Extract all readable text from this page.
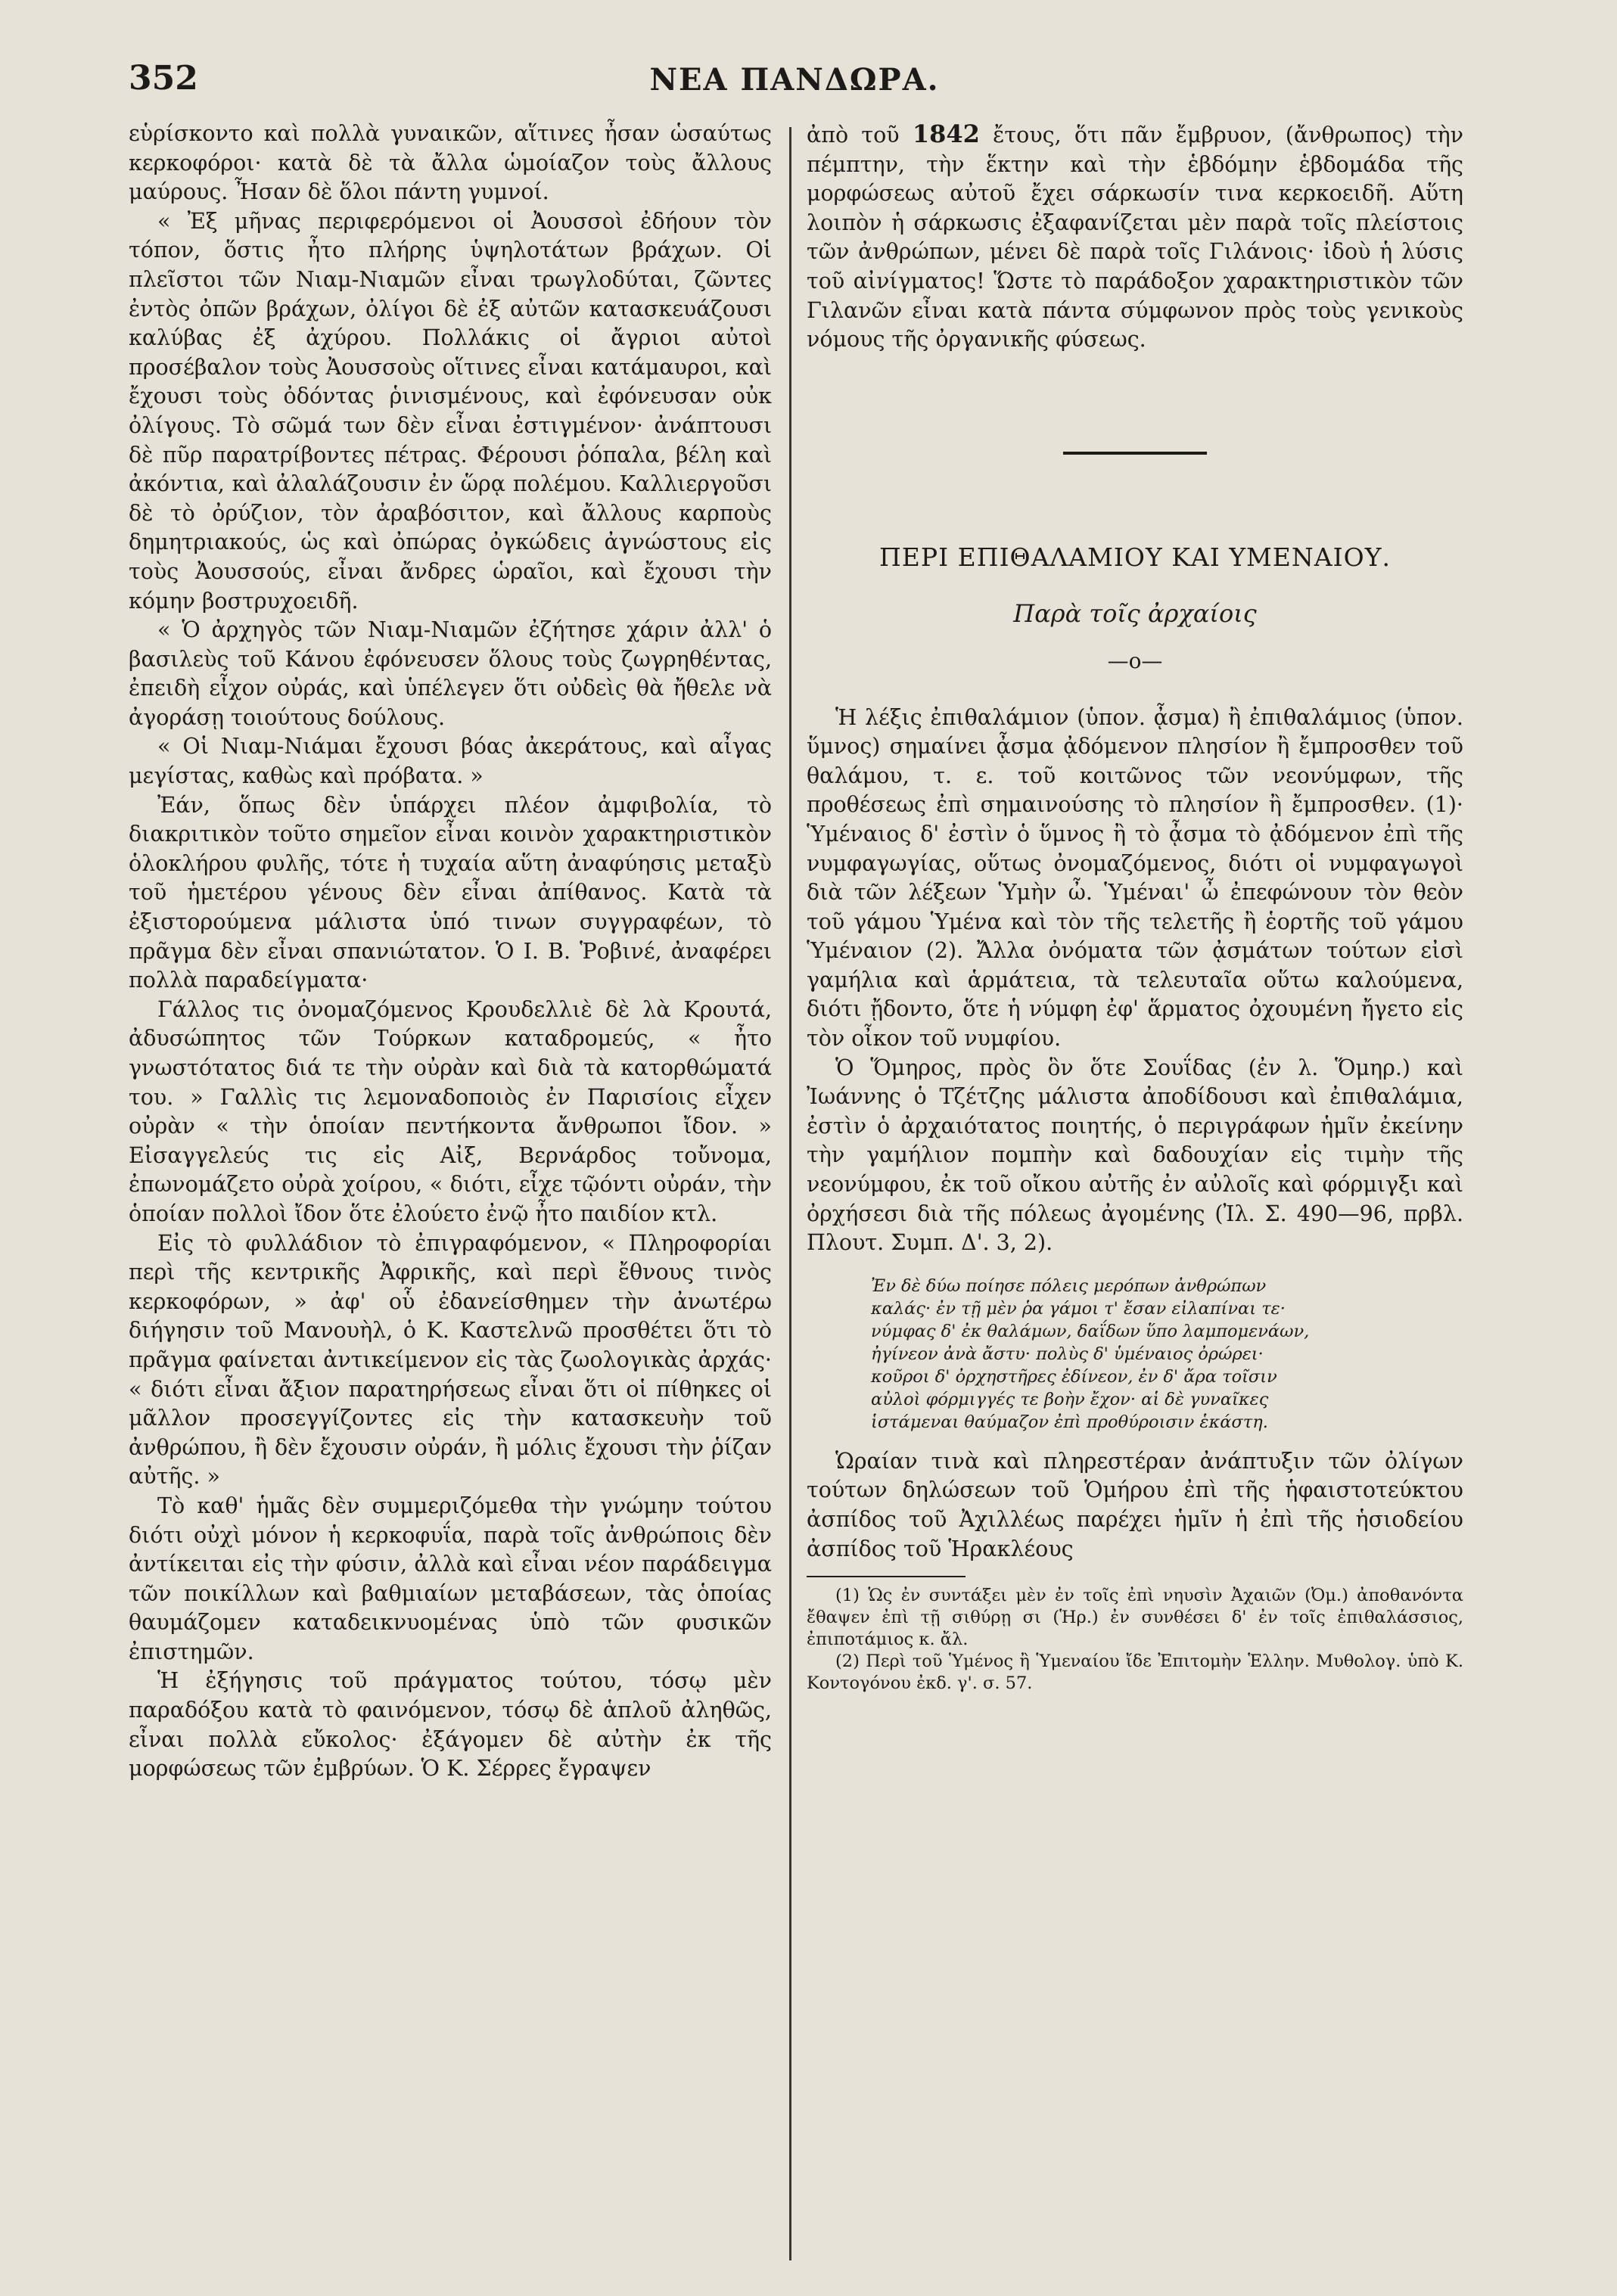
352	ΝΕΑ ΠΑΝΔΩΡΑ.

εὑρίσκοντο καὶ πολλὰ γυναικῶν, αἵτινες ἦσαν ὡσαύτως κερκοφόροι· κατὰ δὲ τὰ ἄλλα ὡμοίαζον τοὺς ἄλλους μαύρους. Ἦσαν δὲ ὅλοι πάντη γυμνοί.

« Ἐξ μῆνας περιφερόμενοι οἱ Ἀουσσοὶ ἐδήουν τὸν τόπον, ὅστις ἦτο πλήρης ὑψηλοτάτων βράχων. Οἱ πλεῖστοι τῶν Νιαμ-Νιαμῶν εἶναι τρωγλοδύται, ζῶντες ἐντὸς ὀπῶν βράχων, ὀλίγοι δὲ ἐξ αὐτῶν κατασκευάζουσι καλύβας ἐξ ἀχύρου. Πολλάκις οἱ ἄγριοι αὐτοὶ προσέβαλον τοὺς Ἀουσσοὺς οἵτινες εἶναι κατάμαυροι, καὶ ἔχουσι τοὺς ὀδόντας ῥινισμένους, καὶ ἐφόνευσαν οὐκ ὀλίγους. Τὸ σῶμά των δὲν εἶναι ἐστιγμένον· ἀνάπτουσι δὲ πῦρ παρατρίβοντες πέτρας. Φέρουσι ῥόπαλα, βέλη καὶ ἀκόντια, καὶ ἀλαλάζουσιν ἐν ὥρᾳ πολέμου. Καλλιεργοῦσι δὲ τὸ ὀρύζιον, τὸν ἀραβόσιτον, καὶ ἄλλους καρποὺς δημητριακούς, ὡς καὶ ὀπώρας ὀγκώδεις ἀγνώστους εἰς τοὺς Ἀουσσούς, εἶναι ἄνδρες ὡραῖοι, καὶ ἔχουσι τὴν κόμην βοστρυχοειδῆ.

« Ὁ ἀρχηγὸς τῶν Νιαμ-Νιαμῶν ἐζήτησε χάριν ἀλλ' ὁ βασιλεὺς τοῦ Κάνου ἐφόνευσεν ὅλους τοὺς ζωγρηθέντας, ἐπειδὴ εἶχον οὐράς, καὶ ὑπέλεγεν ὅτι οὐδεὶς θὰ ἤθελε νὰ ἀγοράσῃ τοιούτους δούλους.

« Οἱ Νιαμ-Νιάμαι ἔχουσι βόας ἀκεράτους, καὶ αἶγας μεγίστας, καθὼς καὶ πρόβατα. »

Ἐάν, ὅπως δὲν ὑπάρχει πλέον ἀμφιβολία, τὸ διακριτικὸν τοῦτο σημεῖον εἶναι κοινὸν χαρακτηριστικὸν ὁλοκλήρου φυλῆς, τότε ἡ τυχαία αὕτη ἀναφύησις μεταξὺ τοῦ ἡμετέρου γένους δὲν εἶναι ἀπίθανος. Κατὰ τὰ ἐξιστορούμενα μάλιστα ὑπό τινων συγγραφέων, τὸ πρᾶγμα δὲν εἶναι σπανιώτατον. Ὁ Ι. Β. Ῥοβινέ, ἀναφέρει πολλὰ παραδείγματα·

Γάλλος τις ὀνομαζόμενος Κρουδελλιὲ δὲ λὰ Κρουτά, ἀδυσώπητος τῶν Τούρκων καταδρομεύς, « ἦτο γνωστότατος διά τε τὴν οὐρὰν καὶ διὰ τὰ κατορθώματά του. » Γαλλὶς τις λεμοναδοποιὸς ἐν Παρισίοις εἶχεν οὐρὰν « τὴν ὁποίαν πεντήκοντα ἄνθρωποι ἴδον. » Εἰσαγγελεύς τις εἰς Αἰξ, Βερνάρδος τοὔνομα, ἐπωνομάζετο οὐρὰ χοίρου, « διότι, εἶχε τῷόντι οὐράν, τὴν ὁποίαν πολλοὶ ἴδον ὅτε ἐλούετο ἐνῷ ἦτο παιδίον κτλ.

Εἰς τὸ φυλλάδιον τὸ ἐπιγραφόμενον, « Πληροφορίαι περὶ τῆς κεντρικῆς Ἀφρικῆς, καὶ περὶ ἔθνους τινὸς κερκοφόρων, » ἀφ' οὗ ἐδανείσθημεν τὴν ἀνωτέρω διήγησιν τοῦ Μανουὴλ, ὁ Κ. Καστελνῶ προσθέτει ὅτι τὸ πρᾶγμα φαίνεται ἀντικείμενον εἰς τὰς ζωολογικὰς ἀρχάς· « διότι εἶναι ἄξιον παρατηρήσεως εἶναι ὅτι οἱ πίθηκες οἱ μᾶλλον προσεγγίζοντες εἰς τὴν κατασκευὴν τοῦ ἀνθρώπου, ἢ δὲν ἔχουσιν οὐράν, ἢ μόλις ἔχουσι τὴν ῥίζαν αὐτῆς. »

Τὸ καθ' ἡμᾶς δὲν συμμεριζόμεθα τὴν γνώμην τούτου διότι οὐχὶ μόνον ἡ κερκοφυΐα, παρὰ τοῖς ἀνθρώποις δὲν ἀντίκειται εἰς τὴν φύσιν, ἀλλὰ καὶ εἶναι νέον παράδειγμα τῶν ποικίλλων καὶ βαθμιαίων μεταβάσεων, τὰς ὁποίας θαυμάζομεν καταδεικνυομένας ὑπὸ τῶν φυσικῶν ἐπιστημῶν.

Ἡ ἐξήγησις τοῦ πράγματος τούτου, τόσῳ μὲν παραδόξου κατὰ τὸ φαινόμενον, τόσῳ δὲ ἁπλοῦ ἀληθῶς, εἶναι πολλὰ εὔκολος· ἐξάγομεν δὲ αὐτὴν ἐκ τῆς μορφώσεως τῶν ἐμβρύων. Ὁ Κ. Σέρρες ἔγραψεν

ἀπὸ τοῦ 1842 ἔτους, ὅτι πᾶν ἔμβρυον, (ἄνθρωπος) τὴν πέμπτην, τὴν ἕκτην καὶ τὴν ἑβδόμην ἑβδομάδα τῆς μορφώσεως αὐτοῦ ἔχει σάρκωσίν τινα κερκοειδῆ. Αὕτη λοιπὸν ἡ σάρκωσις ἐξαφανίζεται μὲν παρὰ τοῖς πλείστοις τῶν ἀνθρώπων, μένει δὲ παρὰ τοῖς Γιλάνοις· ἰδοὺ ἡ λύσις τοῦ αἰνίγματος! Ὥστε τὸ παράδοξον χαρακτηριστικὸν τῶν Γιλανῶν εἶναι κατὰ πάντα σύμφωνον πρὸς τοὺς γενικοὺς νόμους τῆς ὀργανικῆς φύσεως.

ΠΕΡΙ ΕΠΙΘΑΛΑΜΙΟΥ ΚΑΙ ΥΜΕΝΑΙΟΥ.
Παρὰ τοῖς ἀρχαίοις
—o—

Ἡ λέξις ἐπιθαλάμιον (ὑπον. ᾆσμα) ἢ ἐπιθαλάμιος (ὑπον. ὕμνος) σημαίνει ᾆσμα ᾀδόμενον πλησίον ἢ ἔμπροσθεν τοῦ θαλάμου, τ. ε. τοῦ κοιτῶνος τῶν νεονύμφων, τῆς προθέσεως ἐπὶ σημαινούσης τὸ πλησίον ἢ ἔμπροσθεν. (1)· Ὑμέναιος δ' ἐστὶν ὁ ὕμνος ἢ τὸ ᾆσμα τὸ ᾀδόμενον ἐπὶ τῆς νυμφαγωγίας, οὕτως ὀνομαζόμενος, διότι οἱ νυμφαγωγοὶ διὰ τῶν λέξεων Ὑμὴν ὦ. Ὑμέναι' ὦ ἐπεφώνουν τὸν θεὸν τοῦ γάμου Ὑμένα καὶ τὸν τῆς τελετῆς ἢ ἑορτῆς τοῦ γάμου Ὑμέναιον (2). Ἄλλα ὀνόματα τῶν ᾀσμάτων τούτων εἰσὶ γαμήλια καὶ ἁρμάτεια, τὰ τελευταῖα οὕτω καλούμενα, διότι ᾔδοντο, ὅτε ἡ νύμφη ἐφ' ἅρματος ὀχουμένη ἤγετο εἰς τὸν οἶκον τοῦ νυμφίου.

Ὁ Ὅμηρος, πρὸς ὃν ὅτε Σουΐδας (ἐν λ. Ὅμηρ.) καὶ Ἰωάννης ὁ Τζέτζης μάλιστα ἀποδίδουσι καὶ ἐπιθαλάμια, ἐστὶν ὁ ἀρχαιότατος ποιητής, ὁ περιγράφων ἡμῖν ἐκείνην τὴν γαμήλιον πομπὴν καὶ δαδουχίαν εἰς τιμὴν τῆς νεονύμφου, ἐκ τοῦ οἴκου αὐτῆς ἐν αὐλοῖς καὶ φόρμιγξι καὶ ὀρχήσεσι διὰ τῆς πόλεως ἀγομένης (Ἰλ. Σ. 490—96, πρβλ. Πλουτ. Συμπ. Δ'. 3, 2).

Ἐν δὲ δύω ποίησε πόλεις μερόπων ἀνθρώπων
καλάς· ἐν τῇ μὲν ῥα γάμοι τ' ἔσαν εἰλαπίναι τε·
νύμφας δ' ἐκ θαλάμων, δαΐδων ὕπο λαμπομενάων,
ἠγίνεον ἀνὰ ἄστυ· πολὺς δ' ὑμέναιος ὀρώρει·
κοῦροι δ' ὀρχηστῆρες ἐδίνεον, ἐν δ' ἄρα τοῖσιν
αὐλοὶ φόρμιγγές τε βοὴν ἔχον· αἱ δὲ γυναῖκες
ἱστάμεναι θαύμαζον ἐπὶ προθύροισιν ἑκάστη.

Ὡραίαν τινὰ καὶ πληρεστέραν ἀνάπτυξιν τῶν ὀλίγων τούτων δηλώσεων τοῦ Ὁμήρου ἐπὶ τῆς ἡφαιστοτεύκτου ἀσπίδος τοῦ Ἀχιλλέως παρέχει ἡμῖν ἡ ἐπὶ τῆς ἡσιοδείου ἀσπίδος τοῦ Ἡρακλέους

(1) Ὡς ἐν συντάξει μὲν ἐν τοῖς ἐπὶ νηυσὶν Ἀχαιῶν (Ὀμ.) ἀποθανόντα ἔθαψεν ἐπὶ τῇ σιθύρῃ σι (Ἡρ.) ἐν συνθέσει δ' ἐν τοῖς ἐπιθαλάσσιος, ἐπιποτάμιος κ. ἄλ.

(2) Περὶ τοῦ Ὑμένος ἢ Ὑμεναίου ἴδε Ἐπιτομὴν Ἑλλην. Μυθολογ. ὑπὸ Κ. Κοντογόνου ἐκδ. γ'. σ. 57.
